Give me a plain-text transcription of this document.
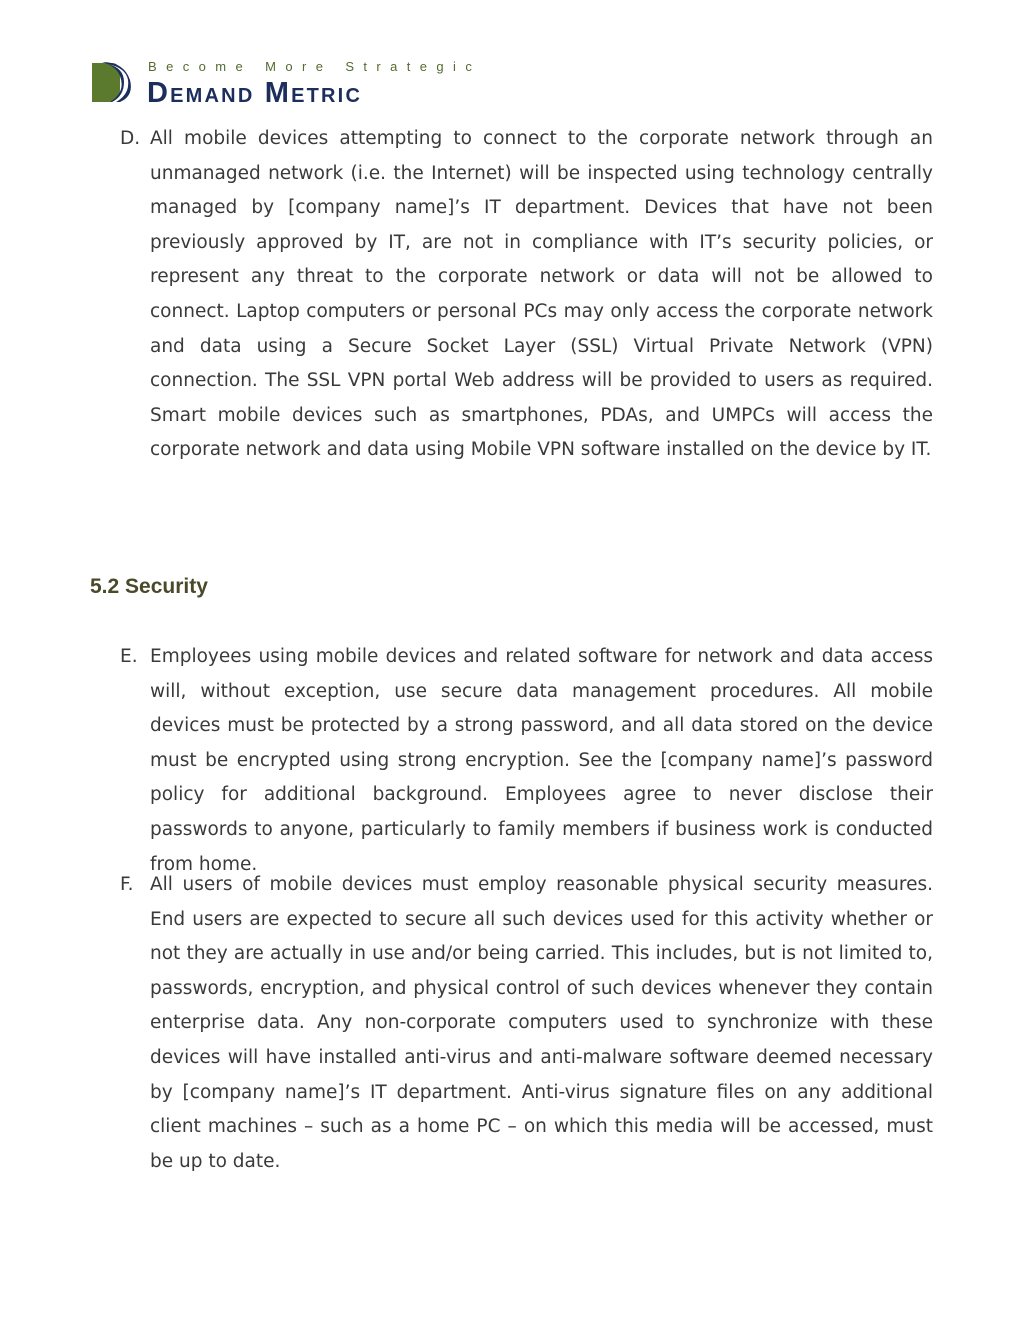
Become More Strategic
Demand Metric
D. All mobile devices attempting to connect to the corporate network through an unmanaged network (i.e. the Internet) will be inspected using technology centrally managed by [company name]’s IT department. Devices that have not been previously approved by IT, are not in compliance with IT’s security policies, or represent any threat to the corporate network or data will not be allowed to connect. Laptop computers or personal PCs may only access the corporate network and data using a Secure Socket Layer (SSL) Virtual Private Network (VPN) connection. The SSL VPN portal Web address will be provided to users as required. Smart mobile devices such as smartphones, PDAs, and UMPCs will access the corporate network and data using Mobile VPN software installed on the device by IT.

5.2 Security
E. Employees using mobile devices and related software for network and data access will, without exception, use secure data management procedures. All mobile devices must be protected by a strong password, and all data stored on the device must be encrypted using strong encryption. See the [company name]’s password policy for additional background. Employees agree to never disclose their passwords to anyone, particularly to family members if business work is conducted from home.

F. All users of mobile devices must employ reasonable physical security measures. End users are expected to secure all such devices used for this activity whether or not they are actually in use and/or being carried. This includes, but is not limited to, passwords, encryption, and physical control of such devices whenever they contain enterprise data. Any non-corporate computers used to synchronize with these devices will have installed anti-virus and anti-malware software deemed necessary by [company name]’s IT department. Anti-virus signature files on any additional client machines – such as a home PC – on which this media will be accessed, must be up to date.
